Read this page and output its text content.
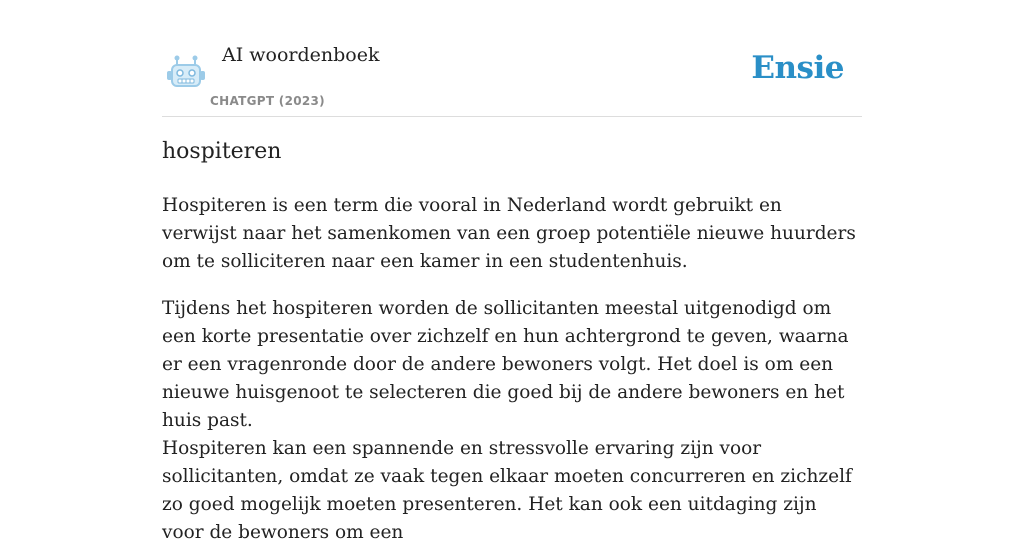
AI woordenboek
CHATGPT (2023)
Ensie
hospiteren

Hospiteren is een term die vooral in Nederland wordt gebruikt en verwijst naar het samenkomen van een groep potentiële nieuwe huurders om te solliciteren naar een kamer in een studentenhuis.

Tijdens het hospiteren worden de sollicitanten meestal uitgenodigd om een korte presentatie over zichzelf en hun achtergrond te geven, waarna er een vragenronde door de andere bewoners volgt. Het doel is om een nieuwe huisgenoot te selecteren die goed bij de andere bewoners en het huis past.

Hospiteren kan een spannende en stressvolle ervaring zijn voor sollicitanten, omdat ze vaak tegen elkaar moeten concurreren en zichzelf zo goed mogelijk moeten presenteren. Het kan ook een uitdaging zijn voor de bewoners om een
